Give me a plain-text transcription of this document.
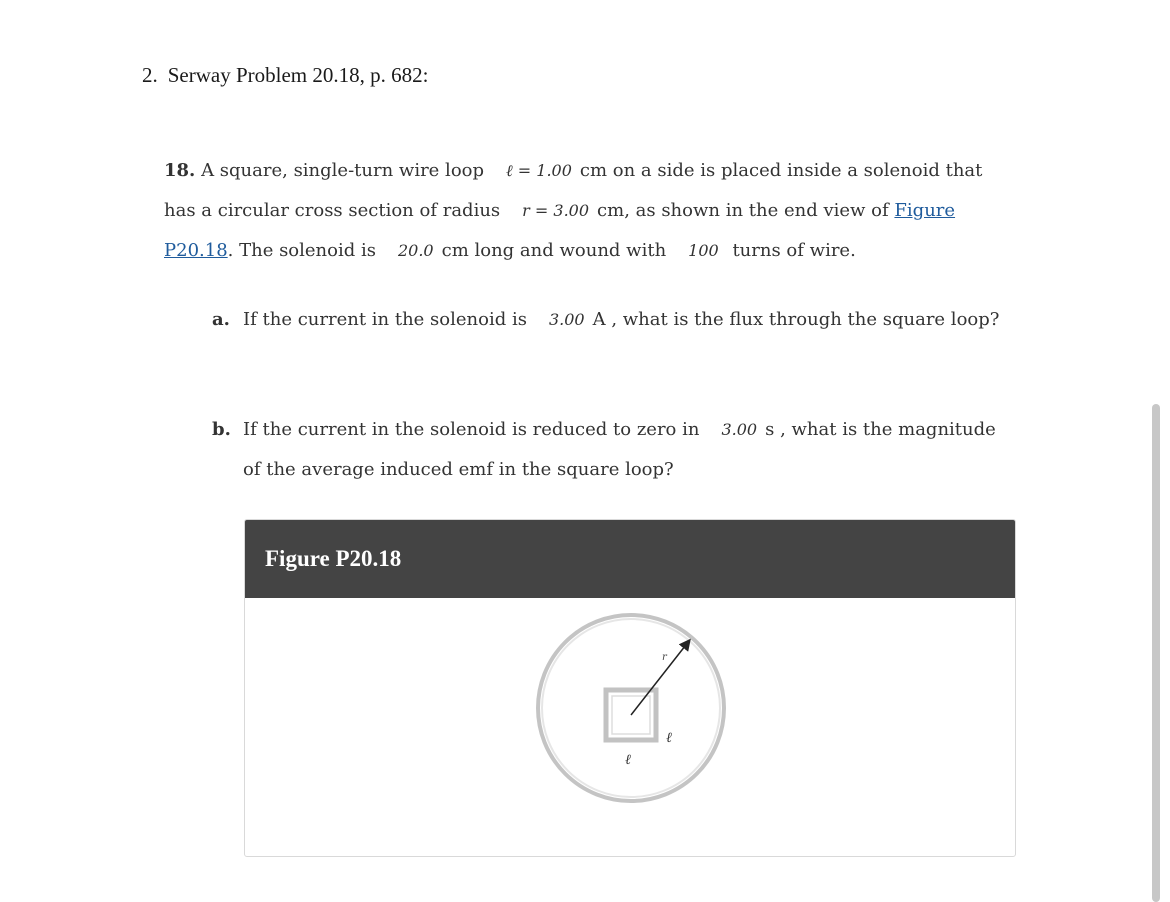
2. Serway Problem 20.18, p. 682:
18. A square, single-turn wire loop ℓ = 1.00 cm on a side is placed inside a solenoid that has a circular cross section of radius r = 3.00 cm, as shown in the end view of Figure P20.18. The solenoid is 20.0 cm long and wound with 100 turns of wire.
a. If the current in the solenoid is 3.00 A , what is the flux through the square loop?
b. If the current in the solenoid is reduced to zero in 3.00 s , what is the magnitude of the average induced emf in the square loop?
Figure P20.18
r
ℓ
ℓ
